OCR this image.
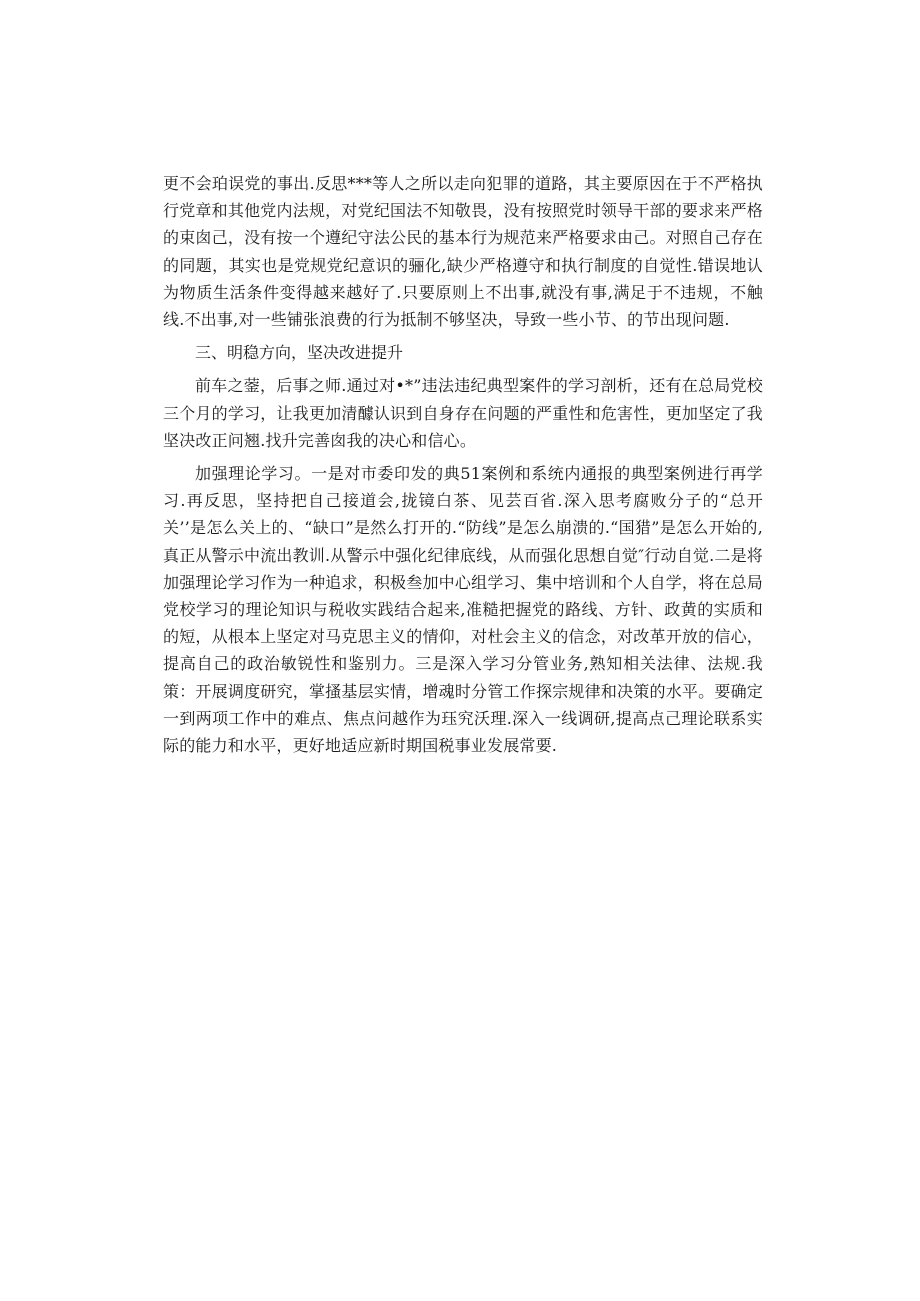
更不会珀误党的事出.反思***等人之所以走向犯罪的道路，其主要原因在于不严格执行党章和其他党内法规，对党纪国法不知敬畏，没有按照党时领导干部的要求来严格的束囱己，没有按一个遵纪守法公民的基本行为规范来严格要求由己。对照自己存在的同题，其实也是党规党纪意识的骊化,缺少严格遵守和执行制度的自觉性.错误地认为物质生活条件变得越来越好了.只要原则上不出事,就没有事,满足于不违规，不触线.不出事,对一些铺张浪费的行为抵制不够坚决，导致一些小节、的节出现问题.

三、明稳方向，坚决改进提升

前车之蓥，后事之师.通过对•*”违法违纪典型案件的学习剖析，还有在总局党校三个月的学习，让我更加清醵认识到自身存在问题的严重性和危害性，更加坚定了我坚决改正问翘.找升完善囱我的决心和信心。

加强理论学习。一是对市委印发的典51案例和系统内通报的典型案例进行再学习.再反思，坚持把自己接道会,拢镜白茶、见芸百省.深入思考腐败分子的“总开关’’是怎么关上的、“缺口”是然么打开的.“防线”是怎么崩溃的.“国猎”是怎么开始的,真正从警示中流出教训.从警示中强化纪律底线，从而强化思想自觉″行动自觉.二是将加强理论学习作为一种追求，积极叁加中心组学习、集中培训和个人自学，将在总局党校学习的理论知识与税收实践结合起来,准糙把握党的路线、方针、政黄的实质和的短，从根本上坚定对马克思主义的情仰，对杜会主义的信念，对改革开放的信心，提高自己的政治敏锐性和鉴别力。三是深入学习分管业务,熟知相关法律、法规.我策：开展调度研究，掌搔基层实情，增魂时分管工作探宗规律和决策的水平。要确定一到两项工作中的难点、焦点问越作为珏究沃理.深入一线调研,提高点己理论联系实际的能力和水平，更好地适应新时期国税事业发展常要.
